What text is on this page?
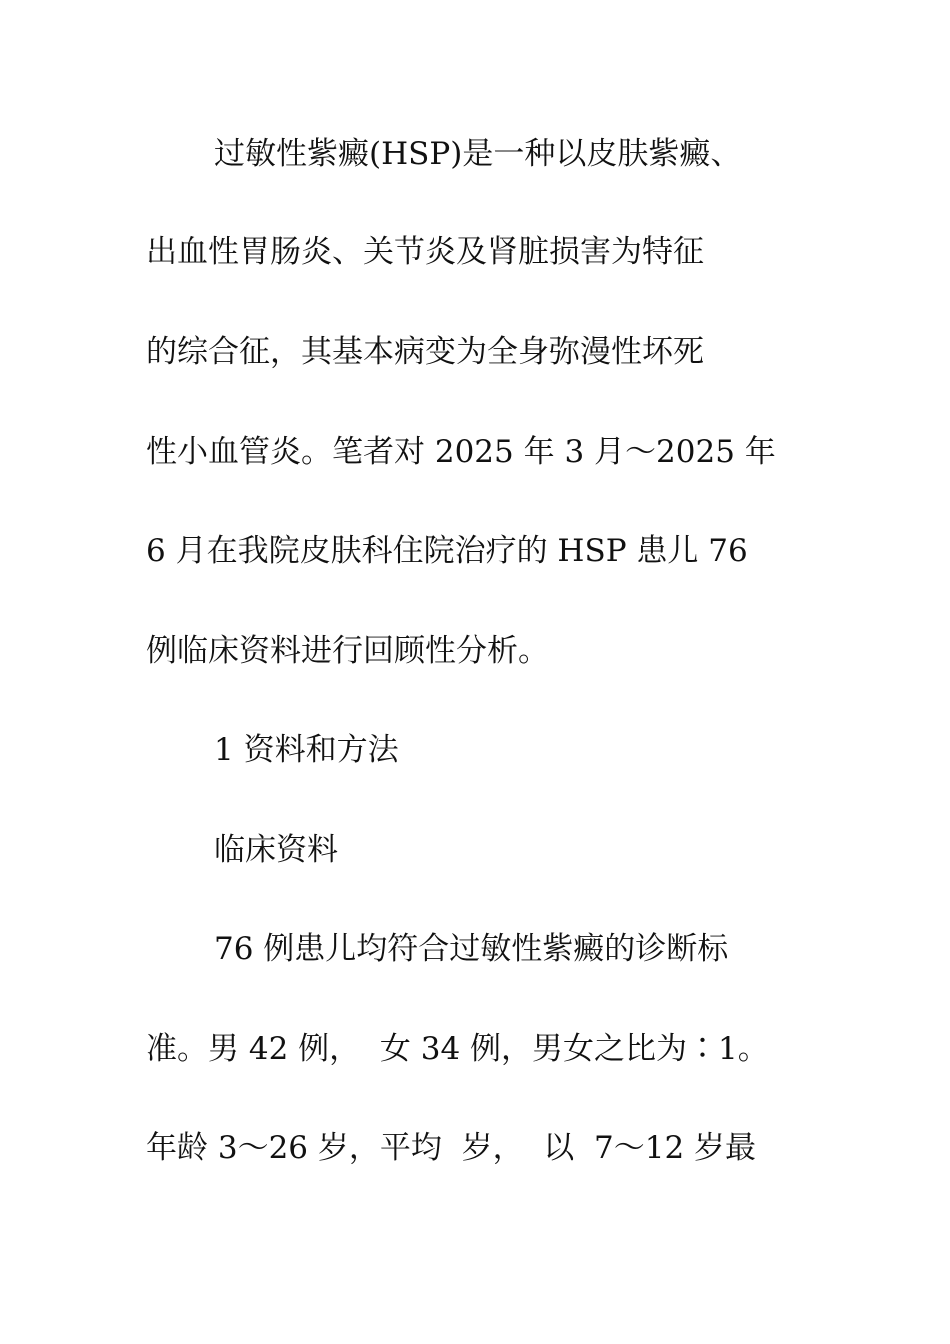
过敏性紫癜(HSP)是一种以皮肤紫癜、
出血性胃肠炎、关节炎及肾脏损害为特征
的综合征，其基本病变为全身弥漫性坏死
性小血管炎。笔者对 2025 年 3 月～2025 年
6 月在我院皮肤科住院治疗的 HSP 患儿 76
例临床资料进行回顾性分析。
1 资料和方法
临床资料
76 例患儿均符合过敏性紫癜的诊断标
准。男 42 例，  女 34 例，男女之比为∶1。
年龄 3～26 岁，平均  岁，  以  7～12 岁最
